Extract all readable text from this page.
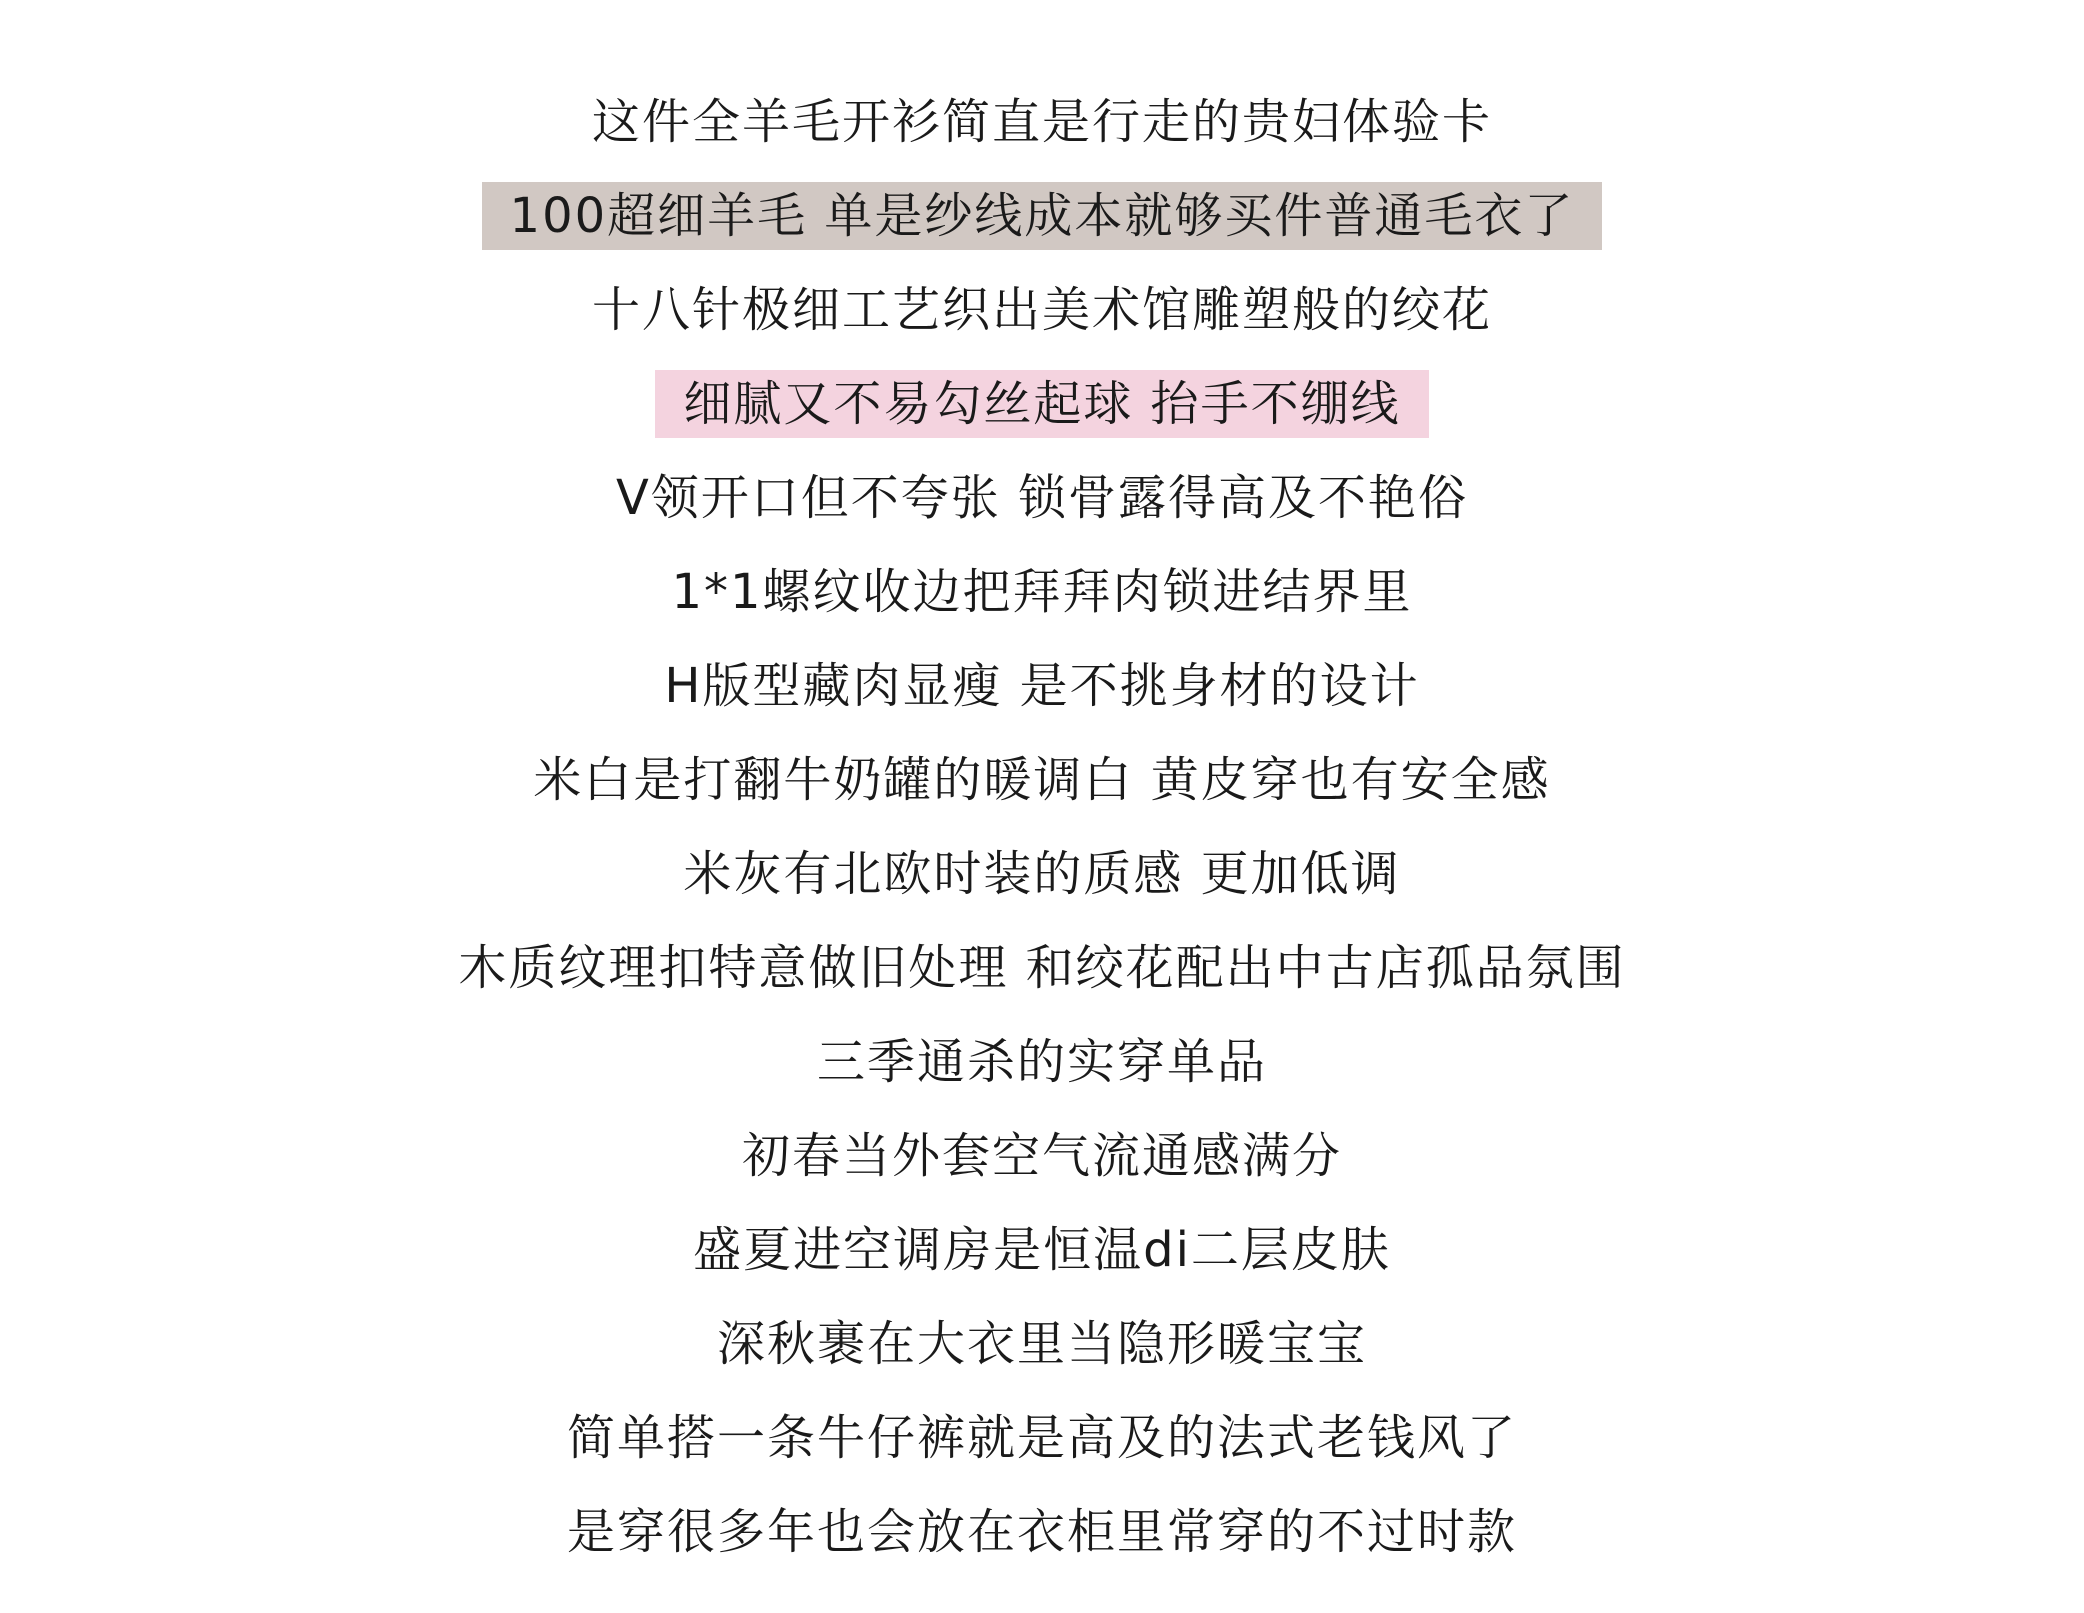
这件全羊毛开衫简直是行走的贵妇体验卡
100超细羊毛 单是纱线成本就够买件普通毛衣了
十八针极细工艺织出美术馆雕塑般的绞花
细腻又不易勾丝起球 抬手不绷线
V领开口但不夸张 锁骨露得高及不艳俗
1*1螺纹收边把拜拜肉锁进结界里
H版型藏肉显瘦 是不挑身材的设计
米白是打翻牛奶罐的暖调白 黄皮穿也有安全感
米灰有北欧时装的质感 更加低调
木质纹理扣特意做旧处理 和绞花配出中古店孤品氛围
三季通杀的实穿单品
初春当外套空气流通感满分
盛夏进空调房是恒温di二层皮肤
深秋裹在大衣里当隐形暖宝宝
简单搭一条牛仔裤就是高及的法式老钱风了
是穿很多年也会放在衣柜里常穿的不过时款
